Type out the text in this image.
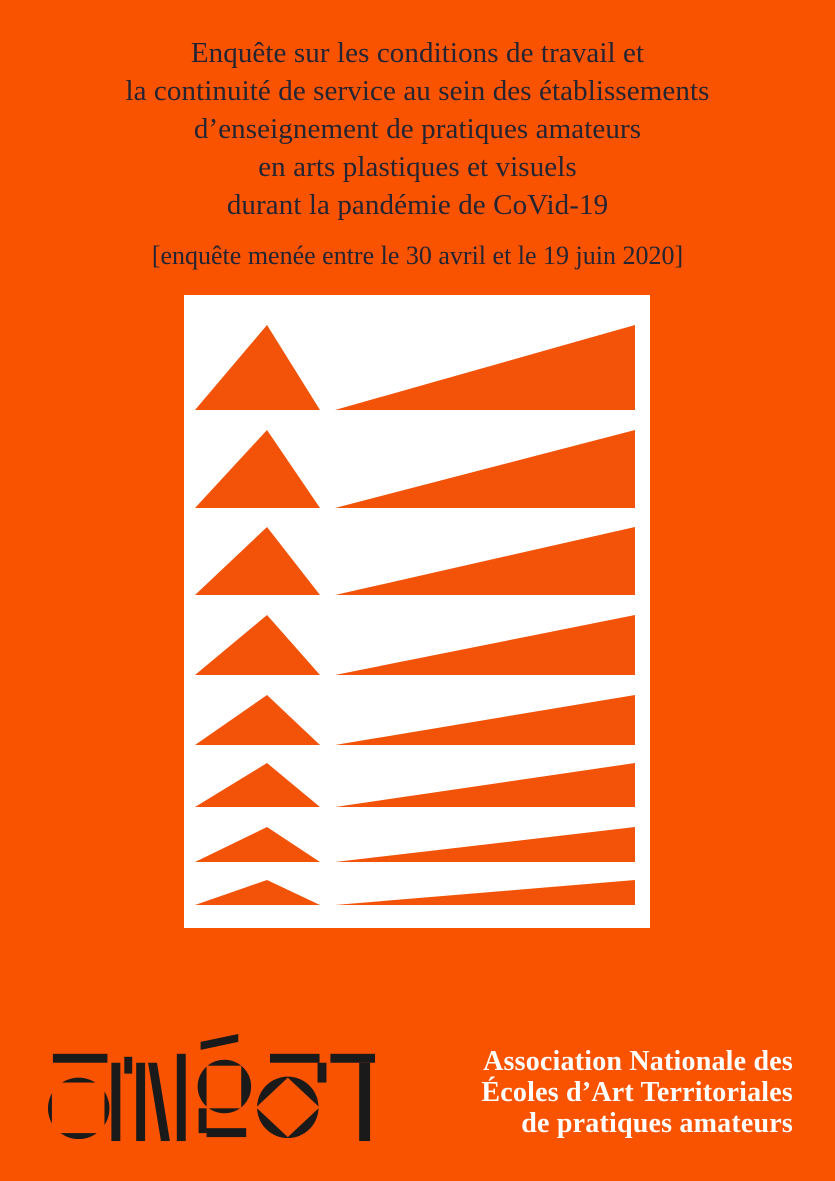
Enquête sur les conditions de travail et
la continuité de service au sein des établissements
d’enseignement de pratiques amateurs
en arts plastiques et visuels
durant la pandémie de CoVid-19
[enquête menée entre le 30 avril et le 19 juin 2020]
Association Nationale des
Écoles d’Art Territoriales
de pratiques amateurs
